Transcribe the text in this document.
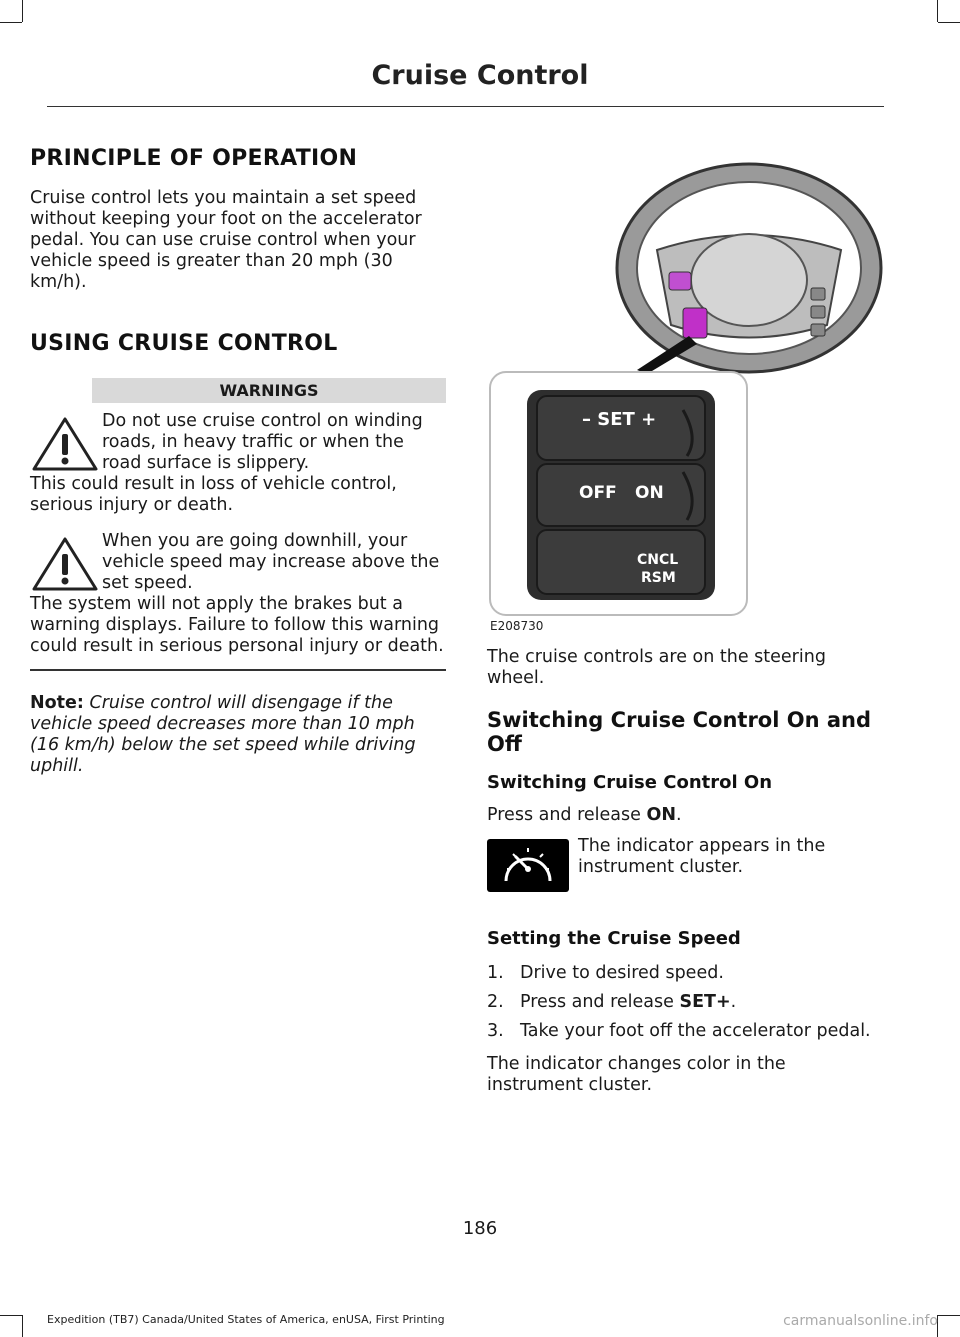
Cruise Control
PRINCIPLE OF OPERATION

Cruise control lets you maintain a set speed without keeping your foot on the accelerator pedal. You can use cruise control when your vehicle speed is greater than 20 mph (30 km/h).

USING CRUISE CONTROL
WARNINGS
Do not use cruise control on winding roads, in heavy traffic or when the road surface is slippery.
This could result in loss of vehicle control, serious injury or death.
When you are going downhill, your vehicle speed may increase above the set speed.
The system will not apply the brakes but a warning displays. Failure to follow this warning could result in serious personal injury or death.

Note: Cruise control will disengage if the vehicle speed decreases more than 10 mph (16 km/h) below the set speed while driving uphill.

– SET +
OFF ON
CNCL
RSM
E208730

The cruise controls are on the steering wheel.

Switching Cruise Control On and Off
Switching Cruise Control On

Press and release ON.

The indicator appears in the instrument cluster.
Setting the Cruise Speed
1. Drive to desired speed.
2. Press and release SET+.
3. Take your foot off the accelerator pedal.

The indicator changes color in the instrument cluster.

186
Expedition (TB7) Canada/United States of America, enUSA, First Printing	carmanualsonline.info
